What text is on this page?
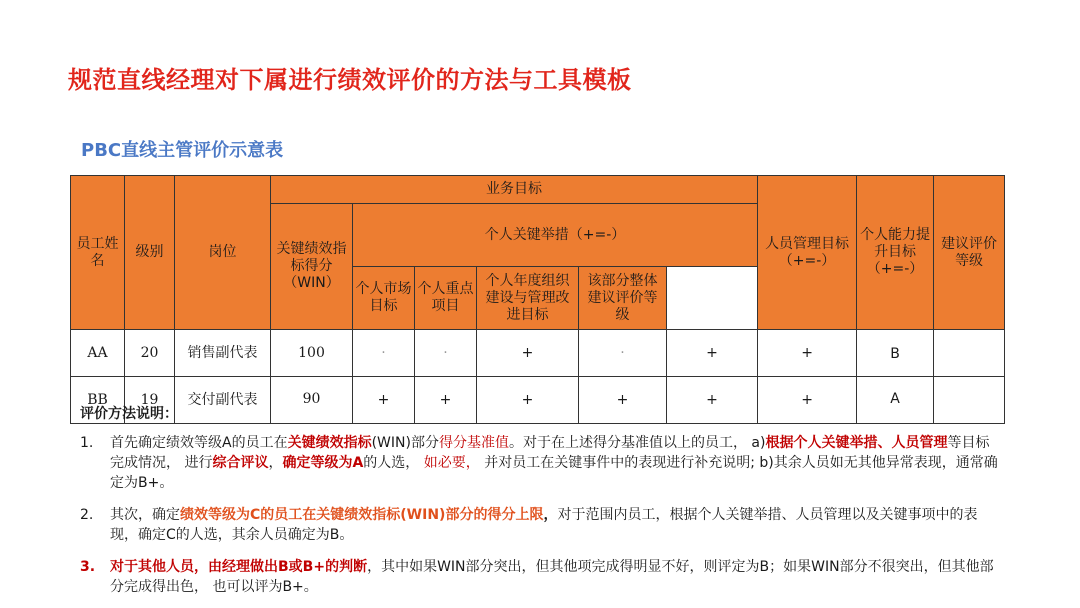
规范直线经理对下属进行绩效评价的方法与工具模板
PBC直线主管评价示意表
员工姓名	级别	岗位	业务目标						人员管理目标（+=-）	个人能力提升目标（+=-）	建议评价等级	
			关键绩效指标得分（WIN）	个人关键举措（+=-）								
				个人市场目标	个人重点项目	个人年度组织建设与管理改进目标	该部分整体建议评价等级					
AA	20	销售副代表	100	·	·	+	·	+	+	B		
BB	19	交付副代表	90	+	+	+	+	+	+	A		
评价方法说明：
1. 首先确定绩效等级A的员工在关键绩效指标(WIN)部分得分基准值。对于在上述得分基准值以上的员工， a)根据个人关键举措、人员管理等目标完成情况， 进行综合评议，确定等级为A的人选， 如必要， 并对员工在关键事件中的表现进行补充说明; b)其余人员如无其他异常表现，通常确定为B+。
2. 其次，确定绩效等级为C的员工在关键绩效指标(WIN)部分的得分上限，对于范围内员工，根据个人关键举措、人员管理以及关键事项中的表现，确定C的人选，其余人员确定为B。
3. 对于其他人员，由经理做出B或B+的判断，其中如果WIN部分突出，但其他项完成得明显不好，则评定为B；如果WIN部分不很突出，但其他部分完成得出色， 也可以评为B+。
